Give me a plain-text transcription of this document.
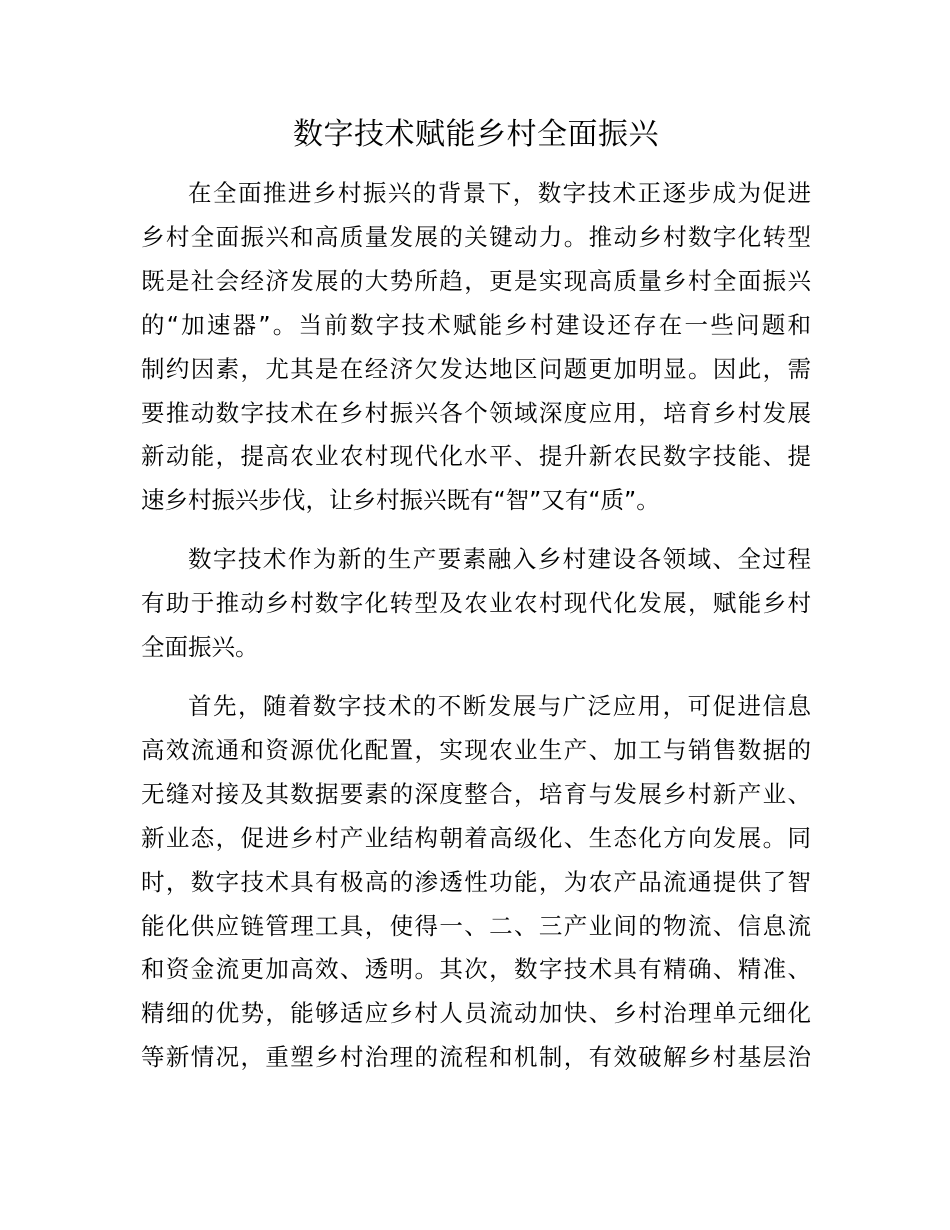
数字技术赋能乡村全面振兴

在全面推进乡村振兴的背景下，数字技术正逐步成为促进
乡村全面振兴和高质量发展的关键动力。推动乡村数字化转型
既是社会经济发展的大势所趋，更是实现高质量乡村全面振兴
的“加速器”。当前数字技术赋能乡村建设还存在一些问题和
制约因素，尤其是在经济欠发达地区问题更加明显。因此，需
要推动数字技术在乡村振兴各个领域深度应用，培育乡村发展
新动能，提高农业农村现代化水平、提升新农民数字技能、提
速乡村振兴步伐，让乡村振兴既有“智”又有“质”。

数字技术作为新的生产要素融入乡村建设各领域、全过程
有助于推动乡村数字化转型及农业农村现代化发展，赋能乡村
全面振兴。

首先，随着数字技术的不断发展与广泛应用，可促进信息
高效流通和资源优化配置，实现农业生产、加工与销售数据的
无缝对接及其数据要素的深度整合，培育与发展乡村新产业、
新业态，促进乡村产业结构朝着高级化、生态化方向发展。同
时，数字技术具有极高的渗透性功能，为农产品流通提供了智
能化供应链管理工具，使得一、二、三产业间的物流、信息流
和资金流更加高效、透明。其次，数字技术具有精确、精准、
精细的优势，能够适应乡村人员流动加快、乡村治理单元细化
等新情况，重塑乡村治理的流程和机制，有效破解乡村基层治
